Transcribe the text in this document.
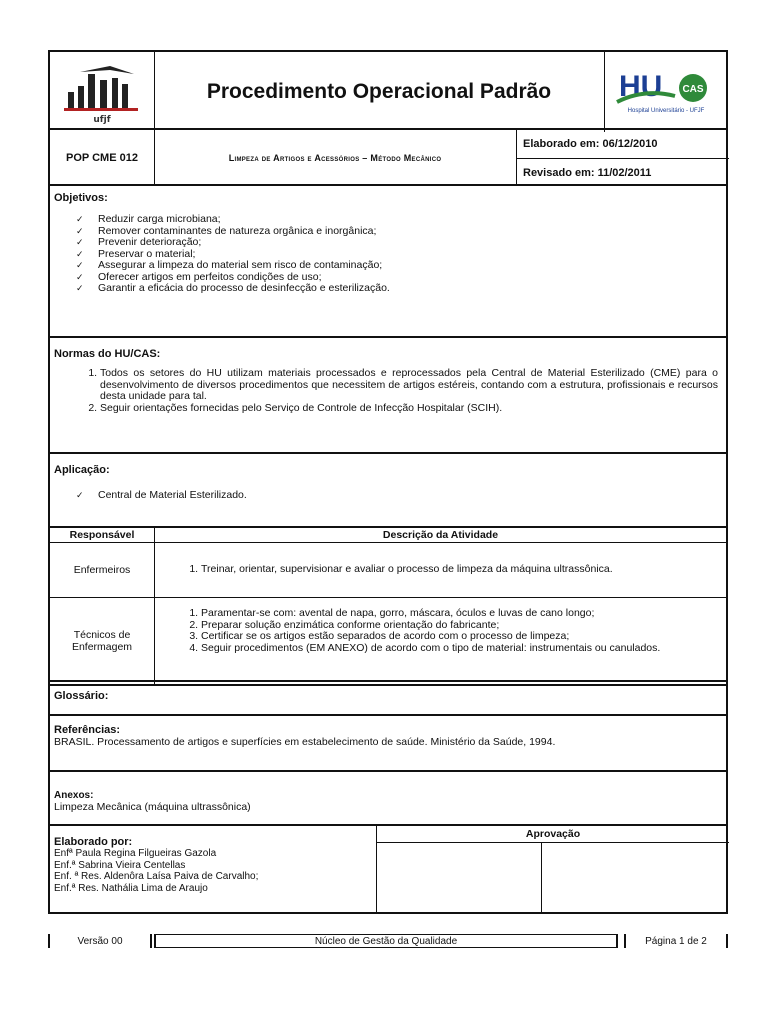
ufjf
Procedimento Operacional Padrão	HU CAS
Hospital Universitário - UFJF
POP CME 012	Limpeza de Artigos e Acessórios – Método Mecânico
Elaborado em: 06/12/2010
Revisado em: 11/02/2011
Objetivos:
✓ Reduzir carga microbiana;
✓ Remover contaminantes de natureza orgânica e inorgânica;
✓ Prevenir deterioração;
✓ Preservar o material;
✓ Assegurar a limpeza do material sem risco de contaminação;
✓ Oferecer artigos em perfeitos condições de uso;
✓ Garantir a eficácia do processo de desinfecção e esterilização.
Normas do HU/CAS:
1. Todos os setores do HU utilizam materiais processados e reprocessados pela Central de Material Esterilizado (CME) para o desenvolvimento de diversos procedimentos que necessitem de artigos estéreis, contando com a estrutura, profissionais e recursos desta unidade para tal.
2. Seguir orientações fornecidas pelo Serviço de Controle de Infecção Hospitalar (SCIH).
Aplicação:
✓ Central de Material Esterilizado.
Responsável	Descrição da Atividade
Enfermeiros
1.	Treinar, orientar, supervisionar e avaliar o processo de limpeza da máquina ultrassônica.
Técnicos de Enfermagem
1. Paramentar-se com: avental de napa, gorro, máscara, óculos e luvas de cano longo;
2. Preparar solução enzimática conforme orientação do fabricante;
3. Certificar se os artigos estão separados de acordo com o processo de limpeza;
4. Seguir procedimentos (EM ANEXO) de acordo com o tipo de material: instrumentais ou canulados.
Glossário:
Referências:
BRASIL. Processamento de artigos e superfícies em estabelecimento de saúde. Ministério da Saúde, 1994.
Anexos:
Limpeza Mecânica (máquina ultrassônica)
Elaborado por:
Enfª Paula Regina Filgueiras Gazola
Enf.ª Sabrina Vieira Centellas
Enf. ª Res. Aldenôra Laísa Paiva de Carvalho;
Enf.ª Res. Nathália Lima de Araujo
Aprovação
Versão 00	Núcleo de Gestão da Qualidade	Página 1 de 2
